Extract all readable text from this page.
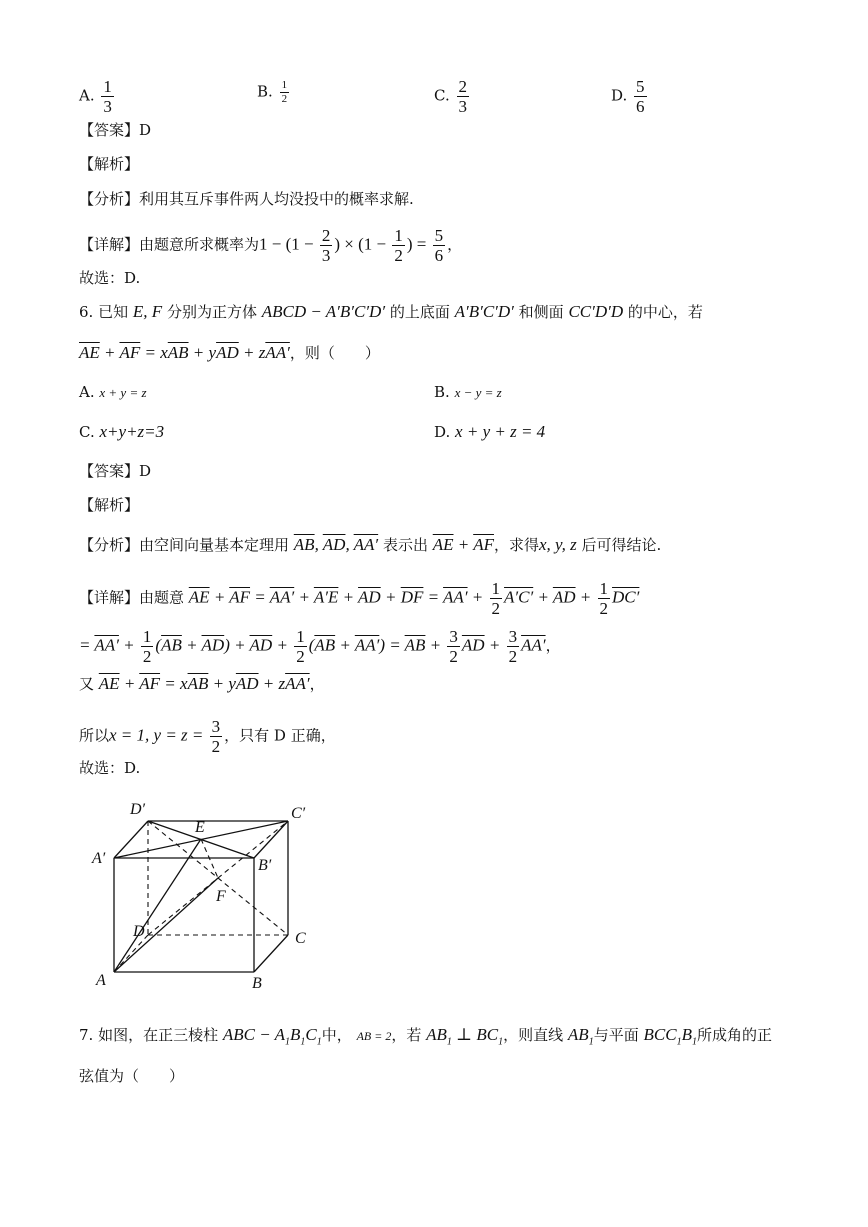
A. $\frac{1}{3}$	B. $\frac{1}{2}$	C. $\frac{2}{3}$	D. $\frac{5}{6}$
【答案】D
【解析】
【分析】利用其互斥事件两人均没投中的概率求解.
【详解】由题意所求概率为$1 - (1 - \frac{2}{3}$ ) × ($1 - \frac{1}{2}$ ) = $\frac{5}{6}$ ，
故选：D.
6. 已知 E, F 分别为正方体 ABCD − A′B′C′D′ 的上底面 A′B′C′D′ 和侧面 CC′D′D 的中心，若
$\overline{AE} + \overline{AF} = x\overline{AB} + y\overline{AD} + zAA'$，则（　　）
A. x + y = z	B. x − y = z
C. x+y+z=3	D. x + y + z = 4
【答案】D
【解析】
【分析】由空间向量基本定理用 $\overline{AB}$, $\overline{AD}$, AA′ 表示出 $\overline{AE} + \overline{AF}$，求得x, y, z 后可得结论.
【详解】由题意 $\overline{AE} + \overline{AF} = AA' + A'E + \overline{AD} + \overline{DF} = AA' + \frac{1}{2} A'C' + \overline{AD} + \frac{1}{2} DC'$
= $AA' + \frac{1}{2} (\overline{AB} + \overline{AD}) + \overline{AD} + \frac{1}{2} (\overline{AB} + AA') = \overline{AB} + \frac{3}{2} \overline{AD} + \frac{3}{2} AA'$，
又 $\overline{AE} + \overline{AF} = x\overline{AB} + y\overline{AD} + zAA'$，
所以x = 1, $y = z = \frac{3}{2}$ ，只有 D 正确，
故选：D.
D′	C′
E
A′	B′
F
D	C
A	B
7. 如图，在正三棱柱 ABC − $A_1B_1C_1$中， AB = 2，若 $AB_1$ ⊥ $BC_1$，则直线 $AB_1$与平面 $BCC_1B_1$所成角的正
弦值为（　　）
